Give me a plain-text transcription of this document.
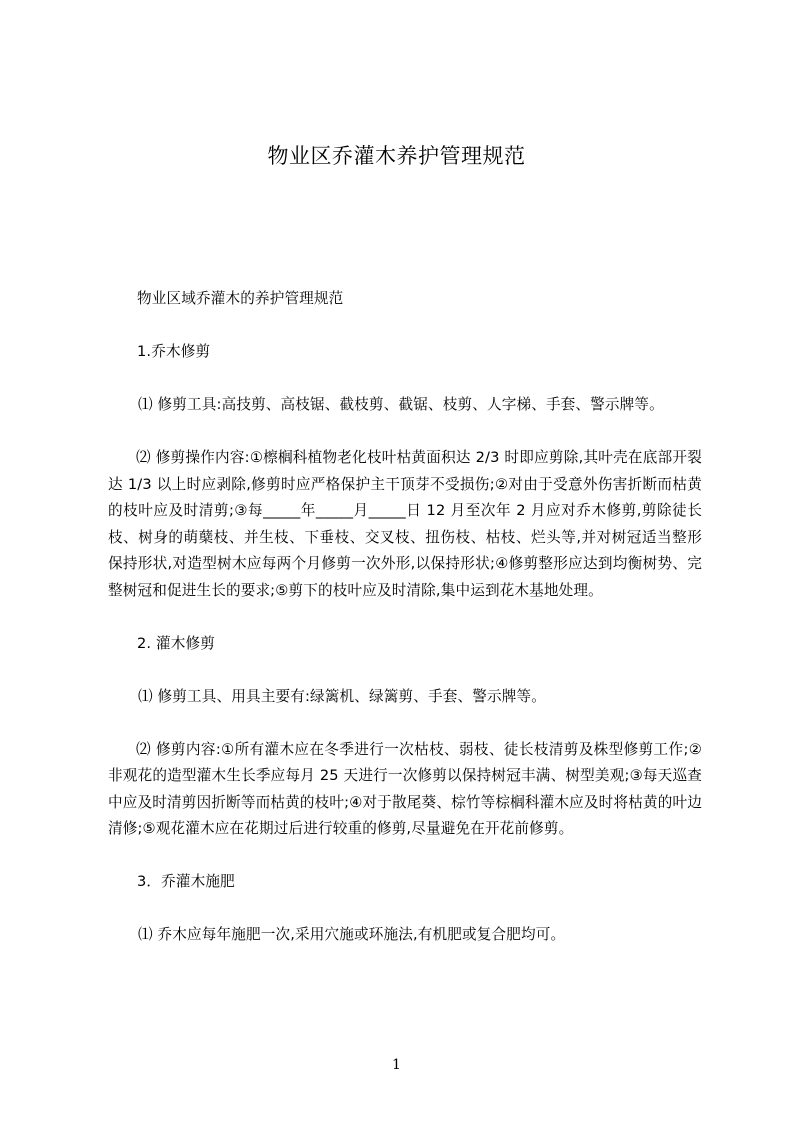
物业区乔灌木养护管理规范

物业区域乔灌木的养护管理规范

1.乔木修剪

⑴ 修剪工具:高技剪、高枝锯、截枝剪、截锯、枝剪、人字梯、手套、警示牌等。

⑵ 修剪操作内容:①檫榈科植物老化枝叶枯黄面积达 2/3 时即应剪除,其叶壳在底部开裂达 1/3 以上时应剥除,修剪时应严格保护主干顶芽不受损伤;②对由于受意外伤害折断而枯黄的枝叶应及时清剪;③每_____年_____月_____日 12 月至次年 2 月应对乔木修剪,剪除徒长枝、树身的萌蘖枝、并生枝、下垂枝、交叉枝、扭伤枝、枯枝、烂头等,并对树冠适当整形保持形状,对造型树木应每两个月修剪一次外形,以保持形状;④修剪整形应达到均衡树势、完整树冠和促进生长的要求;⑤剪下的枝叶应及时清除,集中运到花木基地处理。

2. 灌木修剪

⑴ 修剪工具、用具主要有:绿篱机、绿篱剪、手套、警示牌等。

⑵ 修剪内容:①所有灌木应在冬季进行一次枯枝、弱枝、徒长枝清剪及株型修剪工作;②非观花的造型灌木生长季应每月 25 天进行一次修剪以保持树冠丰满、树型美观;③每天巡查中应及时清剪因折断等而枯黄的枝叶;④对于散尾葵、棕竹等棕榈科灌木应及时将枯黄的叶边清修;⑤观花灌木应在花期过后进行较重的修剪,尽量避免在开花前修剪。

3．乔灌木施肥

⑴ 乔木应每年施肥一次,采用穴施或环施法,有机肥或复合肥均可。

1
